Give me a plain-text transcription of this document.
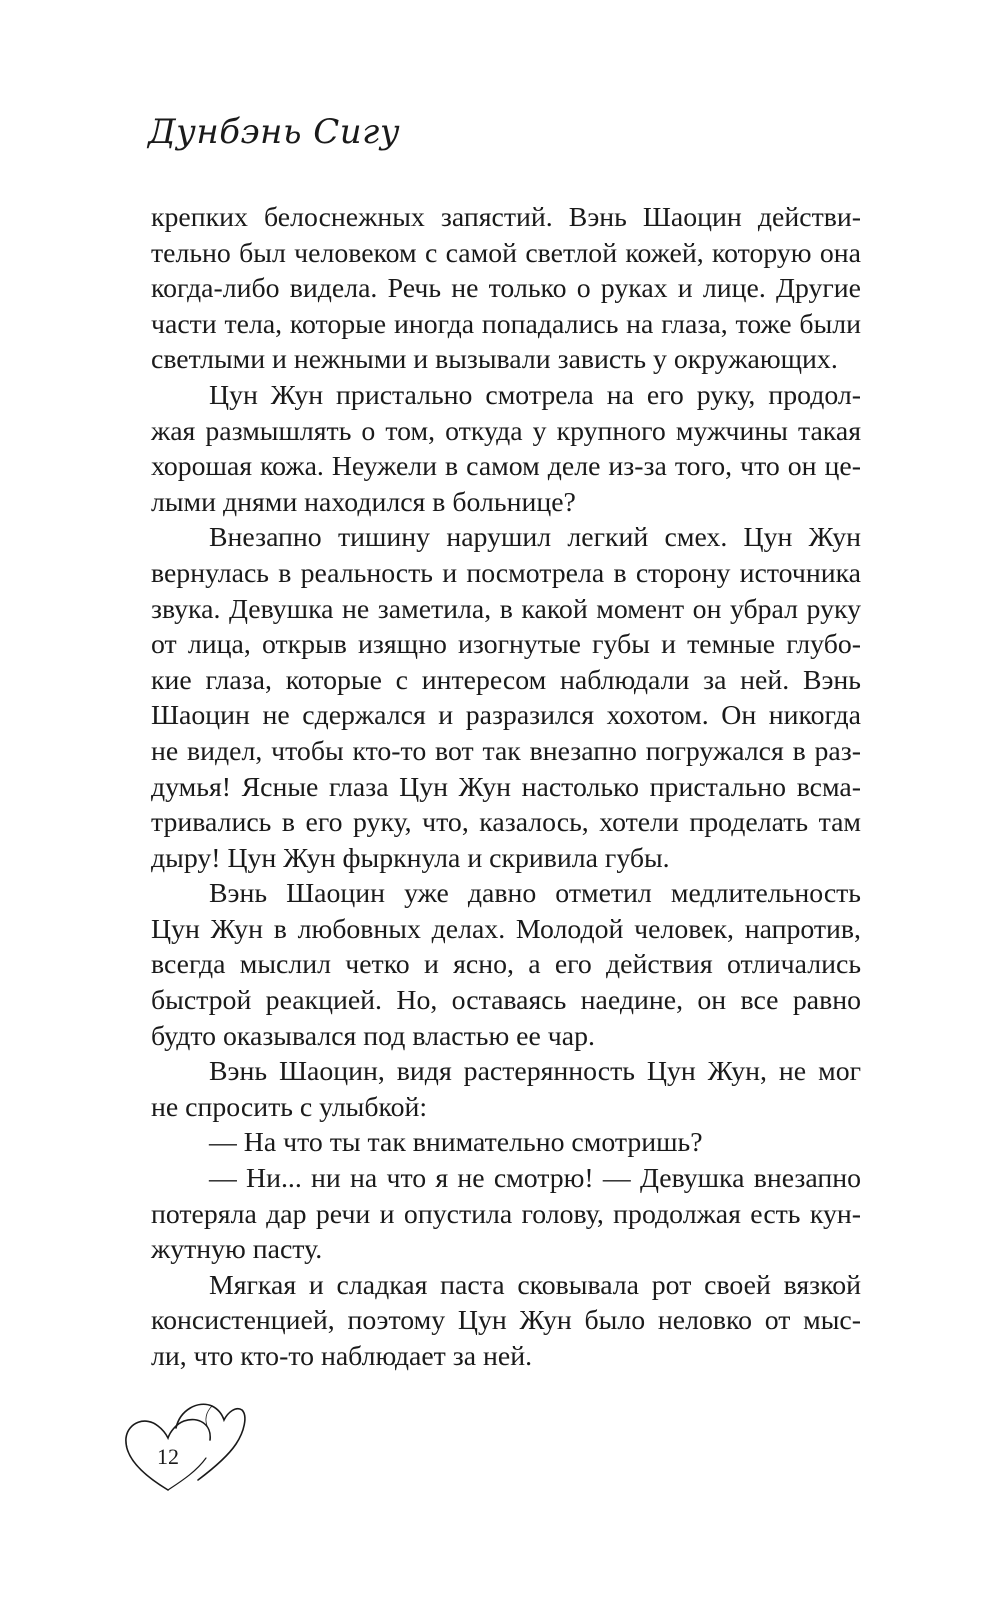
Дунбэнь Сигу
крепких белоснежных запястий. Вэнь Шаоцин действи-
тельно был человеком с самой светлой кожей, которую она
когда-либо видела. Речь не только о руках и лице. Другие
части тела, которые иногда попадались на глаза, тоже были
светлыми и нежными и вызывали зависть у окружающих.
Цун Жун пристально смотрела на его руку, продол-
жая размышлять о том, откуда у крупного мужчины такая
хорошая кожа. Неужели в самом деле из-за того, что он це-
лыми днями находился в больнице?
Внезапно тишину нарушил легкий смех. Цун Жун
вернулась в реальность и посмотрела в сторону источника
звука. Девушка не заметила, в какой момент он убрал руку
от лица, открыв изящно изогнутые губы и темные глубо-
кие глаза, которые с интересом наблюдали за ней. Вэнь
Шаоцин не сдержался и разразился хохотом. Он никогда
не видел, чтобы кто-то вот так внезапно погружался в раз-
думья! Ясные глаза Цун Жун настолько пристально всма-
тривались в его руку, что, казалось, хотели проделать там
дыру! Цун Жун фыркнула и скривила губы.
Вэнь Шаоцин уже давно отметил медлительность
Цун Жун в любовных делах. Молодой человек, напротив,
всегда мыслил четко и ясно, а его действия отличались
быстрой реакцией. Но, оставаясь наедине, он все равно
будто оказывался под властью ее чар.
Вэнь Шаоцин, видя растерянность Цун Жун, не мог
не спросить с улыбкой:
— На что ты так внимательно смотришь?
— Ни... ни на что я не смотрю! — Девушка внезапно
потеряла дар речи и опустила голову, продолжая есть кун-
жутную пасту.
Мягкая и сладкая паста сковывала рот своей вязкой
консистенцией, поэтому Цун Жун было неловко от мыс-
ли, что кто-то наблюдает за ней.
12
